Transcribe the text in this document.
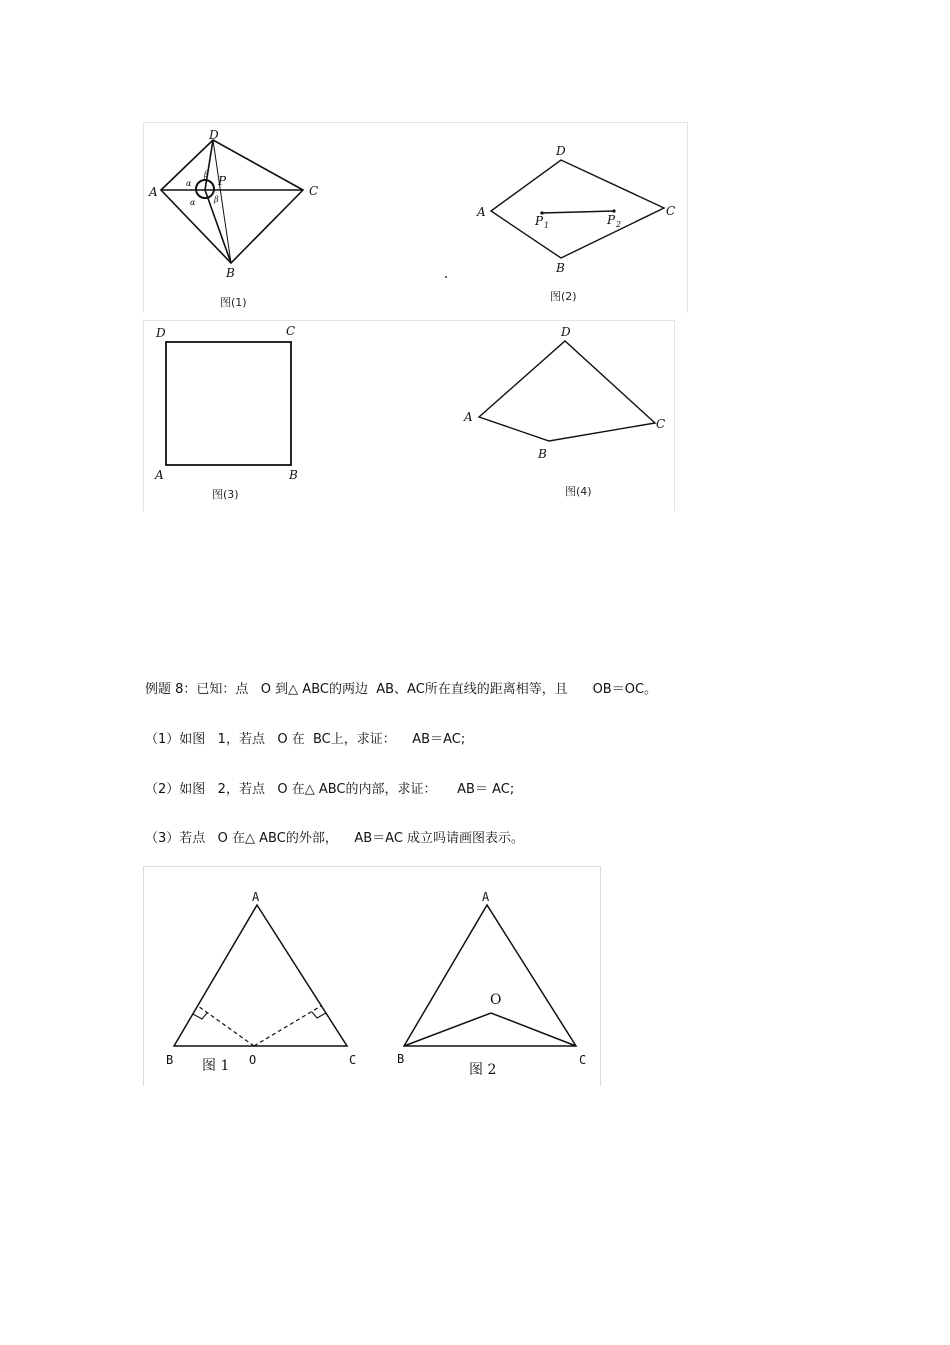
D
A	C
B
P
α
α
β
β
图(1)
D
A	C
B
P 1	P 2
图(2)
D	C
A	B
图(3)
D
A	C
B
图(4)
例题 8：已知：点   O 到△ ABC的两边  AB、AC所在直线的距离相等，且      OB＝OC。
（1）如图   1，若点   O 在  BC上，求证：    AB＝AC;
（2）如图   2，若点   O 在△ ABC的内部，求证：     AB＝ AC;
（3）若点   O 在△ ABC的外部，    AB＝AC 成立吗请画图表示。
A
B	C
O
图 1
A
B	C
O
图 2
